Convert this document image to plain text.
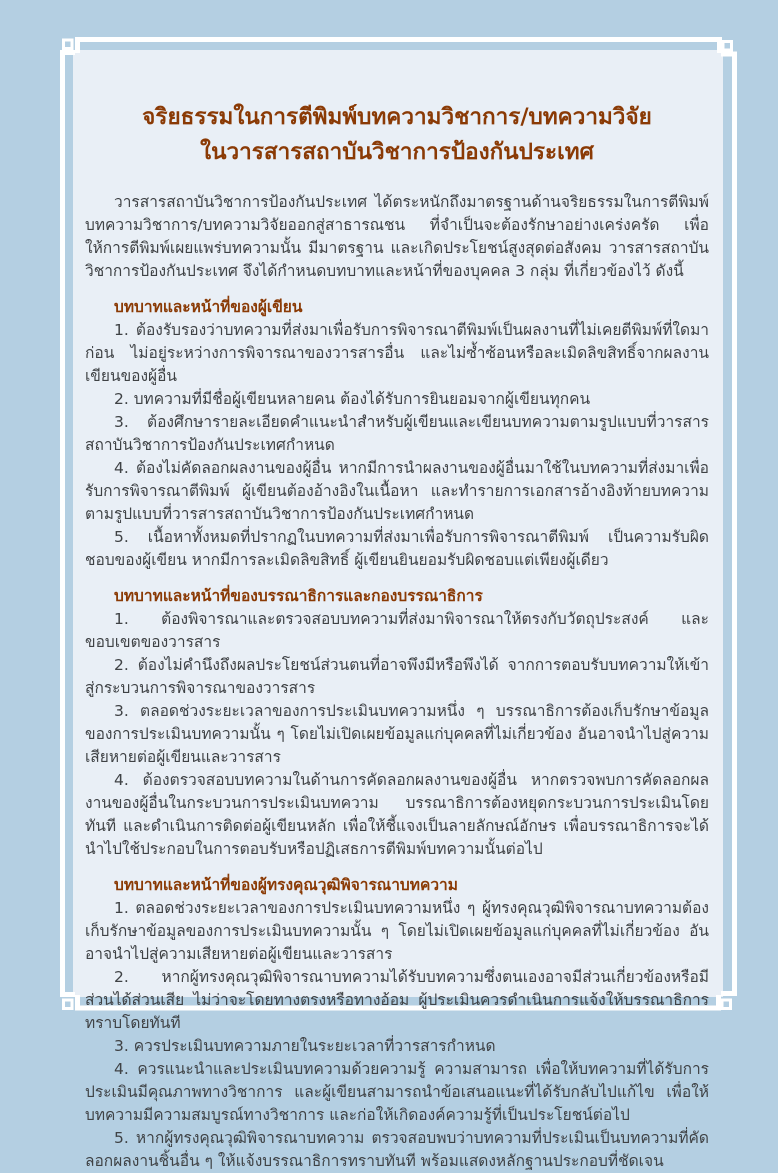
จริยธรรมในการตีพิมพ์บทความวิชาการ/บทความวิจัย
ในวารสารสถาบันวิชาการป้องกันประเทศ

วารสารสถาบันวิชาการป้องกันประเทศ ได้ตระหนักถึงมาตรฐานด้านจริยธรรมในการตีพิมพ์บทความวิชาการ/บทความวิจัยออกสู่สาธารณชน ที่จำเป็นจะต้องรักษาอย่างเคร่งครัด เพื่อให้การตีพิมพ์เผยแพร่บทความนั้น มีมาตรฐาน และเกิดประโยชน์สูงสุดต่อสังคม วารสารสถาบันวิชาการป้องกันประเทศ จึงได้กำหนดบทบาทและหน้าที่ของบุคคล 3 กลุ่ม ที่เกี่ยวข้องไว้ ดังนี้

บทบาทและหน้าที่ของผู้เขียน

1. ต้องรับรองว่าบทความที่ส่งมาเพื่อรับการพิจารณาตีพิมพ์เป็นผลงานที่ไม่เคยตีพิมพ์ที่ใดมาก่อน ไม่อยู่ระหว่างการพิจารณาของวารสารอื่น และไม่ซ้ำซ้อนหรือละเมิดลิขสิทธิ์จากผลงานเขียนของผู้อื่น

2. บทความที่มีชื่อผู้เขียนหลายคน ต้องได้รับการยินยอมจากผู้เขียนทุกคน

3. ต้องศึกษารายละเอียดคำแนะนำสำหรับผู้เขียนและเขียนบทความตามรูปแบบที่วารสารสถาบันวิชาการป้องกันประเทศกำหนด

4. ต้องไม่คัดลอกผลงานของผู้อื่น หากมีการนำผลงานของผู้อื่นมาใช้ในบทความที่ส่งมาเพื่อรับการพิจารณาตีพิมพ์ ผู้เขียนต้องอ้างอิงในเนื้อหา และทำรายการเอกสารอ้างอิงท้ายบทความ ตามรูปแบบที่วารสารสถาบันวิชาการป้องกันประเทศกำหนด

5. เนื้อหาทั้งหมดที่ปรากฏในบทความที่ส่งมาเพื่อรับการพิจารณาตีพิมพ์ เป็นความรับผิดชอบของผู้เขียน หากมีการละเมิดลิขสิทธิ์ ผู้เขียนยินยอมรับผิดชอบแต่เพียงผู้เดียว

บทบาทและหน้าที่ของบรรณาธิการและกองบรรณาธิการ

1. ต้องพิจารณาและตรวจสอบบทความที่ส่งมาพิจารณาให้ตรงกับวัตถุประสงค์ และขอบเขตของวารสาร

2. ต้องไม่คำนึงถึงผลประโยชน์ส่วนตนที่อาจพึงมีหรือพึงได้ จากการตอบรับบทความให้เข้าสู่กระบวนการพิจารณาของวารสาร

3. ตลอดช่วงระยะเวลาของการประเมินบทความหนึ่ง ๆ บรรณาธิการต้องเก็บรักษาข้อมูลของการประเมินบทความนั้น ๆ โดยไม่เปิดเผยข้อมูลแก่บุคคลที่ไม่เกี่ยวข้อง อันอาจนำไปสู่ความเสียหายต่อผู้เขียนและวารสาร

4. ต้องตรวจสอบบทความในด้านการคัดลอกผลงานของผู้อื่น หากตรวจพบการคัดลอกผลงานของผู้อื่นในกระบวนการประเมินบทความ บรรณาธิการต้องหยุดกระบวนการประเมินโดยทันที และดำเนินการติดต่อผู้เขียนหลัก เพื่อให้ชี้แจงเป็นลายลักษณ์อักษร เพื่อบรรณาธิการจะได้นำไปใช้ประกอบในการตอบรับหรือปฏิเสธการตีพิมพ์บทความนั้นต่อไป

บทบาทและหน้าที่ของผู้ทรงคุณวุฒิพิจารณาบทความ

1. ตลอดช่วงระยะเวลาของการประเมินบทความหนึ่ง ๆ ผู้ทรงคุณวุฒิพิจารณาบทความต้องเก็บรักษาข้อมูลของการประเมินบทความนั้น ๆ โดยไม่เปิดเผยข้อมูลแก่บุคคลที่ไม่เกี่ยวข้อง อันอาจนำไปสู่ความเสียหายต่อผู้เขียนและวารสาร

2. หากผู้ทรงคุณวุฒิพิจารณาบทความได้รับบทความซึ่งตนเองอาจมีส่วนเกี่ยวข้องหรือมีส่วนได้ส่วนเสีย ไม่ว่าจะโดยทางตรงหรือทางอ้อม ผู้ประเมินควรดำเนินการแจ้งให้บรรณาธิการทราบโดยทันที

3. ควรประเมินบทความภายในระยะเวลาที่วารสารกำหนด

4. ควรแนะนำและประเมินบทความด้วยความรู้ ความสามารถ เพื่อให้บทความที่ได้รับการประเมินมีคุณภาพทางวิชาการ และผู้เขียนสามารถนำข้อเสนอแนะที่ได้รับกลับไปแก้ไข เพื่อให้บทความมีความสมบูรณ์ทางวิชาการ และก่อให้เกิดองค์ความรู้ที่เป็นประโยชน์ต่อไป

5. หากผู้ทรงคุณวุฒิพิจารณาบทความ ตรวจสอบพบว่าบทความที่ประเมินเป็นบทความที่คัดลอกผลงานชิ้นอื่น ๆ ให้แจ้งบรรณาธิการทราบทันที พร้อมแสดงหลักฐานประกอบที่ชัดเจน
